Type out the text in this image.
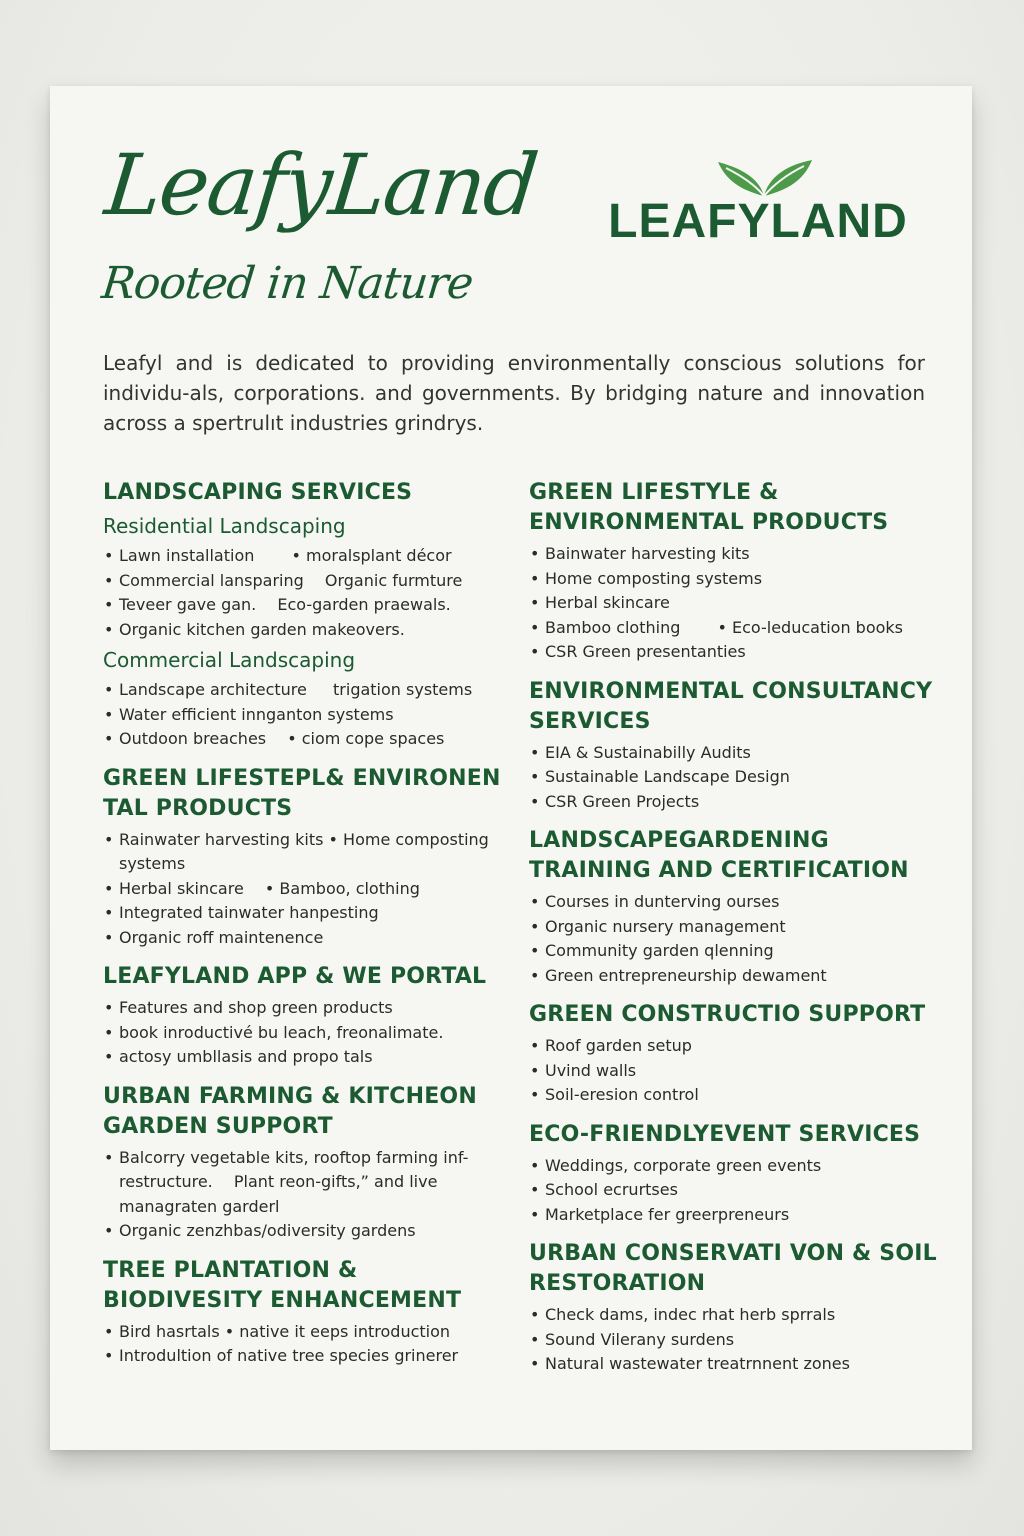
LeafyLand
Rooted in Nature
LEAFYLAND

Leafyl and is dedicated to providing environmentally conscious solutions for individu-als, corporations. and governments. By bridging nature and innovation across a spertrulıt industries grindrys.

LANDSCAPING SERVICES
Residential Landscaping
• Lawn installation   • moralsplant décor
• Commercial lansparing  Organic furmture
• Teveer gave gan.  Eco-garden praewals.
• Organic kitchen garden makeovers.
Commercial Landscaping
• Landscape architecture   trigation systems
• Water efficient innganton systems
• Outdoon breaches  • ciom cope spaces
GREEN LIFESTEPL& ENVIRONEN TAL PRODUCTS
• Rainwater harvesting kits • Home composting systems
• Herbal skincare  • Bamboo, clothing
• Integrated tainwater hanpesting
• Organic roff maintenence
LEAFYLAND APP & WE PORTAL
• Features and shop green products
• book inroductivé bu leach, freonalimate.
• actosy umbllasis and propo tals
URBAN FARMING & KITCHEON GARDEN SUPPORT
• Balcorry vegetable kits, rooftop farming inf-restructure.  Plant reon-gifts,” and live managraten garderl
• Organic zenzhbas/odiversity gardens
TREE PLANTATION & BIODIVESITY ENHANCEMENT
• Bird hasrtals • native it eeps introduction
• Introdultion of native tree species grinerer
GREEN LIFESTYLE & ENVIRONMENTAL PRODUCTS
• Bainwater harvesting kits
• Home composting systems
• Herbal skincare
• Bamboo clothing   • Eco-leducation books
• CSR Green presentanties
ENVIRONMENTAL CONSULTANCY SERVICES
• EIA & Sustainabilly Audits
• Sustainable Landscape Design
• CSR Green Projects
LANDSCAPEGARDENING TRAINING AND CERTIFICATION
• Courses in dunterving ourses
• Organic nursery management
• Community garden qlenning
• Green entrepreneurship dewament
GREEN CONSTRUCTIO SUPPORT
• Roof garden setup
• Uvind walls
• Soil-eresion control
ECO-FRIENDLYEVENT SERVICES
• Weddings, corporate green events
• School ecrurtses
• Marketplace fer greerpreneurs
URBAN CONSERVATI VON & SOIL RESTORATION
• Check dams, indec rhat herb sprrals
• Sound Vilerany surdens
• Natural wastewater treatrnnent zones
